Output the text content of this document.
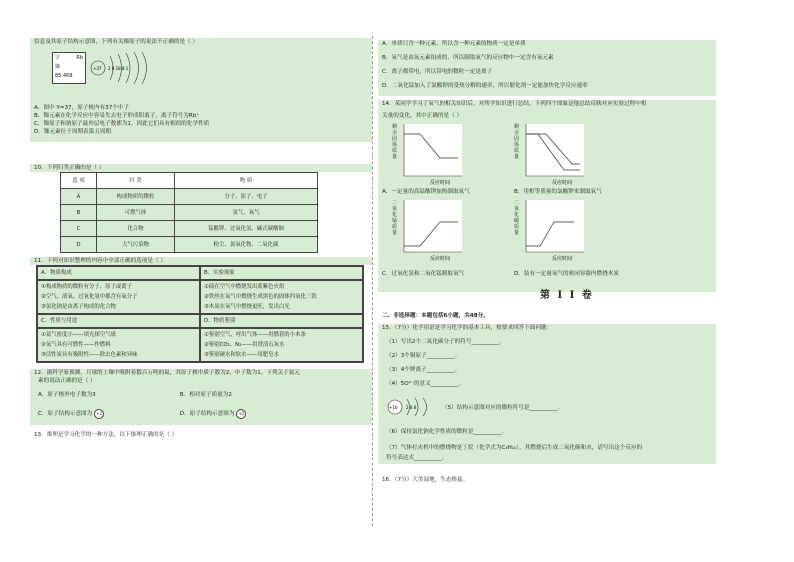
信息及其原子结构示意图，下列有关铷原子的说法不正确的是（ ）
字	Rb

铷
85.468
+37 2 8 18 8 1
A．图中 Y=37，原子核内有37个中子
B．铷元素在化学反应中容易失去电子形成阳离子，离子符号为Rb⁺
C．铷原子和钠原子最外层电子数都为1，因此它们具有相似的化学性质
D．铷元素位于周期表第五周期
10．下列归类正确的是（ ）
选 项	归 类	物 质
A	构成物质的微粒	分子、原子、电子
B	可燃气体	氢气、氧气
C	化合物	锰酸钾、过氧化氢、碱式碳酸铜
D	大气污染物	粉尘、氮氧化物、二氧化碳
11．下列对知识整理的内容中全部正确的选项是（ ）
A．物质构成	B．实验现象
①构成物质的微粒有分子、原子或离子
②空气、液氧、过氧化氢中都含有氧分子
③氯化钠是由离子构成的化合物
①硫在空气中燃烧发出蓝紫色火焰
②铁丝在氧气中燃烧生成黑色的固体四氧化三铁
③木炭在氧气中燃烧更旺，发出白光
C．性质与用途	D．物质鉴别
①氦气密度小——填充探空气球
②氧气具有可燃性——作燃料
③活性炭具有吸附性——除去色素和异味
①鉴别空气、呼出气体——用燃着的小木条
②鉴别CO₂、N₂——用澄清石灰水
③鉴别硬水和软水——用肥皂水
12．据科学家预测，月球的土壤中吸附着数百万吨的氦，其原子核中质子数为2、中子数为1。下列关于氦元
素的说法正确的是（ ）
A．原子核外电子数为3	B．相对原子质量为2
C．原子结构示意图为 +2	D．原子结构示意图为 +2
13．推理是学习化学的一种方法，以下推理正确的是（ ）
A．单质只含一种元素，所以含一种元素的物质一定是单质
B．氧气是由氧元素组成的，所以制取氧气的反应物中一定含有氧元素
C．离子都带电，所以带电的微粒一定是离子
D．二氧化锰加入了氯酸钾的受热分解的速率，所以催化剂一定能加快化学反应速率
14．某同学学习了氧气的相关知识后，对所学知识进行总结，下列四个图象是他总结反映对应实验过程中相
关量的变化，其中正确的是（ ）
反应时间
剩余固体质量
反应时间
剩余固体质量
A．一定量的高锰酸钾加热制取氧气	B．用相等质量的氯酸钾来制取氧气
反应时间
二氧化锰质量
反应时间
二氧化碳质量
C．过氧化氢和二氧化锰制取氧气	D．装有一定量氧气的密闭容器内燃烧木炭
二、非选择题：本题包括6小题，共48分。
15．（7分）化学用语是学习化学的基本工具，按要求回答下面问题：
（1）写出2个二氧化碳分子的符号__________。
（2）3个铜原子__________。
（3）4个钾离子__________。
（4）5O²⁻的意义__________。
+16 2 8 8	（5）结构示意图对应的微粒符号是__________。
（6）保持氯化钠化学性质的微粒是__________。
（7）气体打火机中的燃烧物是丁烷（化学式为C₄H₁₀），其燃烧后生成二氧化碳和水，请写出这个反应的
符号表达式__________。
16．（7分）大美湿地，生态格兹。
第 I I 卷
